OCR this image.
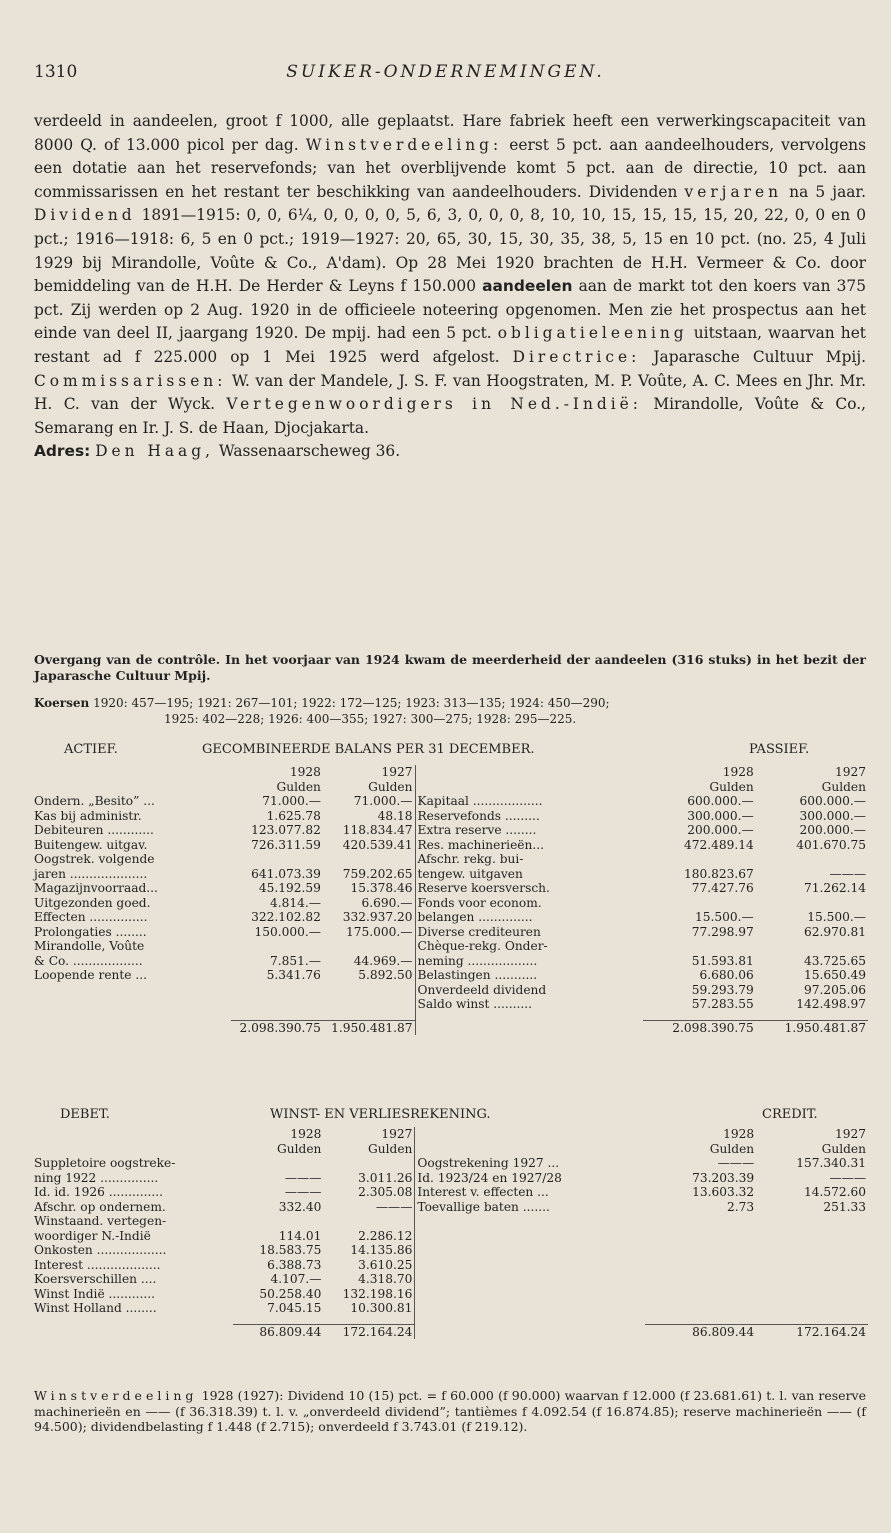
1310	SUIKER-ONDERNEMINGEN.

verdeeld in aandeelen, groot f 1000, alle geplaatst. Hare fabriek heeft een verwerkingscapaciteit van 8000 Q. of 13.000 picol per dag. Winstverdeeling: eerst 5 pct. aan aandeelhouders, vervolgens een dotatie aan het reservefonds; van het overblijvende komt 5 pct. aan de directie, 10 pct. aan commissarissen en het restant ter beschikking van aandeelhouders. Dividenden verjaren na 5 jaar. Dividend 1891—1915: 0, 0, 6¼, 0, 0, 0, 0, 5, 6, 3, 0, 0, 0, 8, 10, 10, 15, 15, 15, 15, 20, 22, 0, 0 en 0 pct.; 1916—1918: 6, 5 en 0 pct.; 1919—1927: 20, 65, 30, 15, 30, 35, 38, 5, 15 en 10 pct. (no. 25, 4 Juli 1929 bij Mirandolle, Voûte & Co., A'dam). Op 28 Mei 1920 brachten de H.H. Vermeer & Co. door bemiddeling van de H.H. De Herder & Leyns f 150.000 aandeelen aan de markt tot den koers van 375 pct. Zij werden op 2 Aug. 1920 in de officieele noteering opgenomen. Men zie het prospectus aan het einde van deel II, jaargang 1920. De mpij. had een 5 pct. obligatieleening uitstaan, waarvan het restant ad f 225.000 op 1 Mei 1925 werd afgelost. Directrice: Japarasche Cultuur Mpij. Commissarissen: W. van der Mandele, J. S. F. van Hoogstraten, M. P. Voûte, A. C. Mees en Jhr. Mr. H. C. van der Wyck. Vertegenwoordigers in Ned.-Indië: Mirandolle, Voûte & Co., Semarang en Ir. J. S. de Haan, Djocjakarta.

Adres: Den Haag, Wassenaarscheweg 36.

Overgang van de contrôle. In het voorjaar van 1924 kwam de meerderheid der aandeelen (316 stuks) in het bezit der Japarasche Cultuur Mpij.
Koersen 1920: 457—195; 1921: 267—101; 1922: 172—125; 1923: 313—135; 1924: 450—290;
1925: 402—228; 1926: 400—355; 1927: 300—275; 1928: 295—225.
ACTIEF.	GECOMBINEERDE BALANS PER 31 DECEMBER.	PASSIEF.
	1928	1927		1928	1927
	Gulden	Gulden		Gulden	Gulden
Ondern. „Besito” ...	71.000.—	71.000.—	Kapitaal ..................	600.000.—	600.000.—
Kas bij administr.	1.625.78	48.18	Reservefonds .........	300.000.—	300.000.—
Debiteuren ............	123.077.82	118.834.47	Extra reserve ........	200.000.—	200.000.—
Buitengew. uitgav.	726.311.59	420.539.41	Res. machinerieën...	472.489.14	401.670.75
Oogstrek. volgende			Afschr. rekg. bui-		
jaren ....................	641.073.39	759.202.65	tengew. uitgaven	180.823.67	———
Magazijnvoorraad...	45.192.59	15.378.46	Reserve koersversch.	77.427.76	71.262.14
Uitgezonden goed.	4.814.—	6.690.—	Fonds voor econom.		
Effecten ...............	322.102.82	332.937.20	belangen ..............	15.500.—	15.500.—
Prolongaties ........	150.000.—	175.000.—	Diverse crediteuren	77.298.97	62.970.81
Mirandolle, Voûte			Chèque-rekg. Onder-		
& Co. ..................	7.851.—	44.969.—	neming ..................	51.593.81	43.725.65
Loopende rente ...	5.341.76	5.892.50	Belastingen ...........	6.680.06	15.650.49
			Onverdeeld dividend	59.293.79	97.205.06
			Saldo winst ..........	57.283.55	142.498.97

	2.098.390.75	1.950.481.87		2.098.390.75	1.950.481.87
DEBET.	WINST- EN VERLIESREKENING.	CREDIT.
	1928	1927		1928	1927
	Gulden	Gulden		Gulden	Gulden
Suppletoire oogstreke-			Oogstrekening 1927 ...	———	157.340.31
ning 1922 ...............	———	3.011.26	Id. 1923/24 en 1927/28	73.203.39	———
Id. id. 1926 ..............	———	2.305.08	Interest v. effecten ...	13.603.32	14.572.60
Afschr. op ondernem.	332.40	———	Toevallige baten .......	2.73	251.33
Winstaand. vertegen-					
woordiger N.-Indië	114.01	2.286.12			
Onkosten ..................	18.583.75	14.135.86			
Interest ...................	6.388.73	3.610.25			
Koersverschillen ....	4.107.—	4.318.70			
Winst Indië ............	50.258.40	132.198.16			
Winst Holland ........	7.045.15	10.300.81			

	86.809.44	172.164.24		86.809.44	172.164.24
Winstverdeeling 1928 (1927): Dividend 10 (15) pct. = f 60.000 (f 90.000) waarvan f 12.000 (f 23.681.61) t. l. van reserve machinerieën en —— (f 36.318.39) t. l. v. „onverdeeld dividend”; tantièmes f 4.092.54 (f 16.874.85); reserve machinerieën —— (f 94.500); dividendbelasting f 1.448 (f 2.715); onverdeeld f 3.743.01 (f 219.12).
